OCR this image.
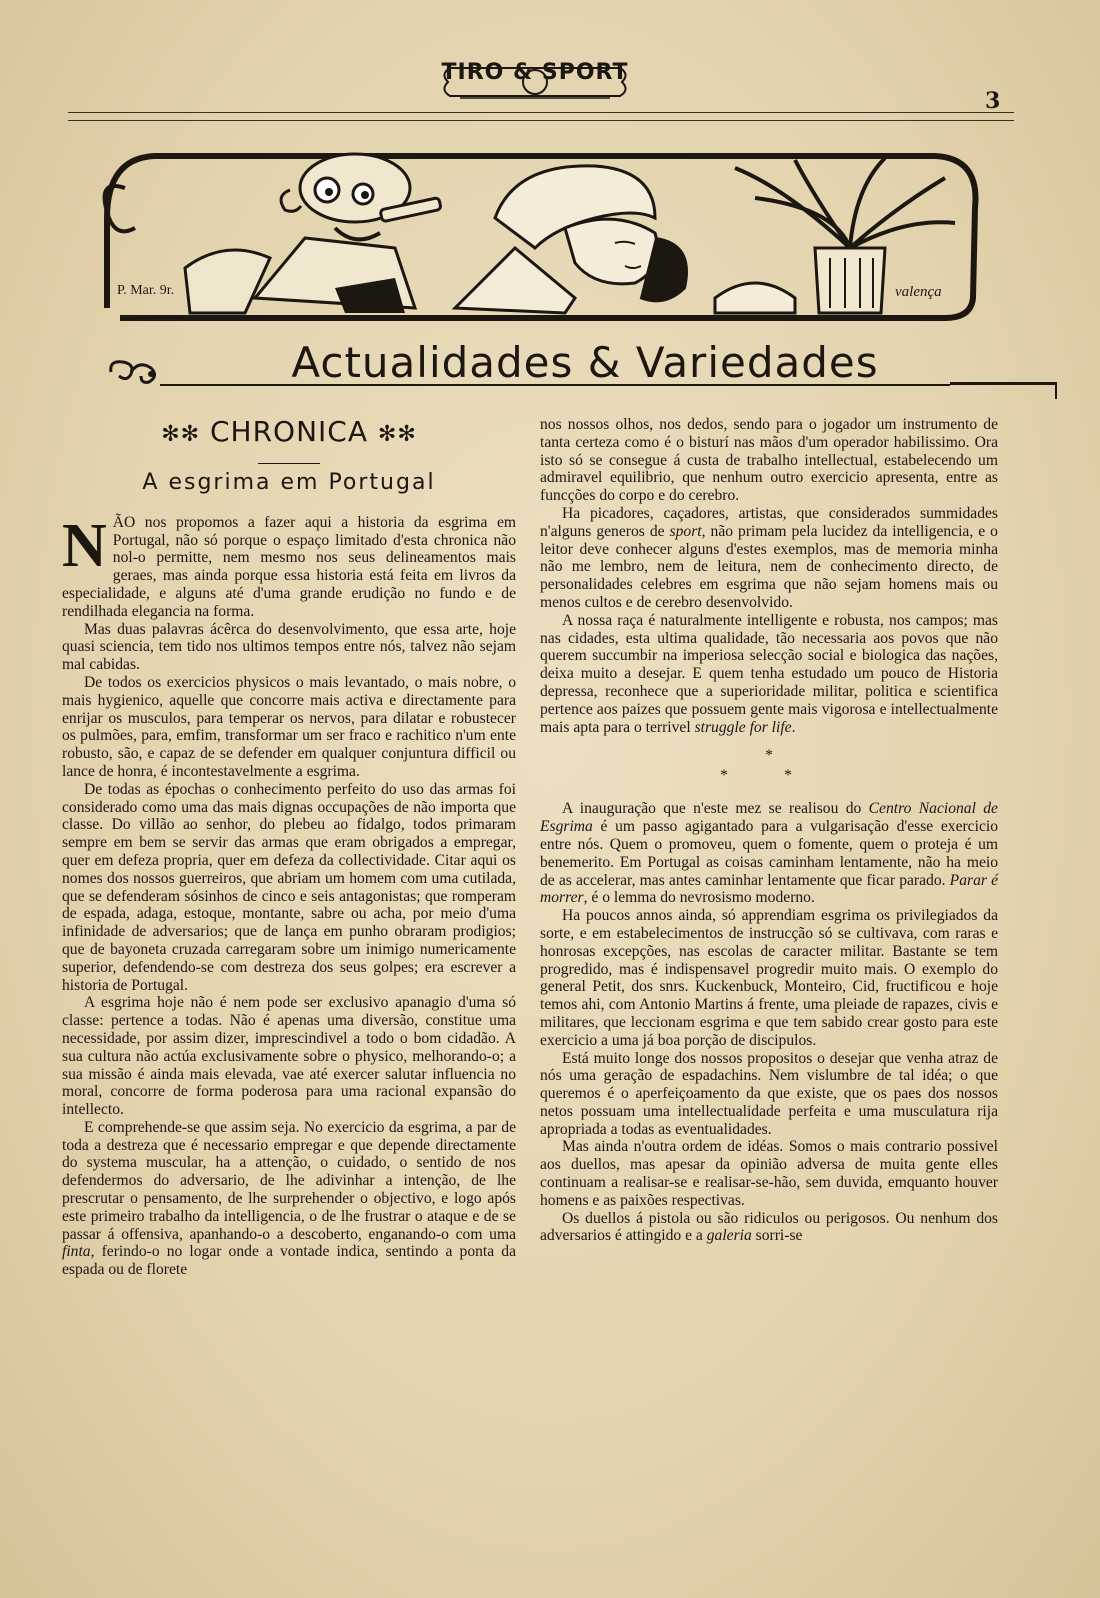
TIRO & SPORT
3
P. Mar. 9r.	valença
Actualidades & Variedades
✻✻ CHRONICA ✻✻
A esgrima em Portugal

NÃO nos propomos a fazer aqui a historia da esgrima em Portugal, não só porque o espaço limitado d'esta chronica não nol-o permitte, nem mesmo nos seus delineamentos mais geraes, mas ainda porque essa historia está feita em livros da especialidade, e alguns até d'uma grande erudição no fundo e de rendilhada elegancia na forma.

Mas duas palavras ácêrca do desenvolvimento, que essa arte, hoje quasi sciencia, tem tido nos ultimos tempos entre nós, talvez não sejam mal cabidas.

De todos os exercicios physicos o mais levantado, o mais nobre, o mais hygienico, aquelle que concorre mais activa e directamente para enrijar os musculos, para temperar os nervos, para dilatar e robustecer os pulmões, para, emfim, transformar um ser fraco e rachitico n'um ente robusto, são, e capaz de se defender em qualquer conjuntura difficil ou lance de honra, é incontestavelmente a esgrima.

De todas as épochas o conhecimento perfeito do uso das armas foi considerado como uma das mais dignas occupações de não importa que classe. Do villão ao senhor, do plebeu ao fidalgo, todos primaram sempre em bem se servir das armas que eram obrigados a empregar, quer em defeza propria, quer em defeza da collectividade. Citar aqui os nomes dos nossos guerreiros, que abriam um homem com uma cutilada, que se defenderam sósinhos de cinco e seis antagonistas; que romperam de espada, adaga, estoque, montante, sabre ou acha, por meio d'uma infinidade de adversarios; que de lança em punho obraram prodigios; que de bayoneta cruzada carregaram sobre um inimigo numericamente superior, defendendo-se com destreza dos seus golpes; era escrever a historia de Portugal.

A esgrima hoje não é nem pode ser exclusivo apanagio d'uma só classe: pertence a todas. Não é apenas uma diversão, constitue uma necessidade, por assim dizer, imprescindivel a todo o bom cidadão. A sua cultura não actúa exclusivamente sobre o physico, melhorando-o; a sua missão é ainda mais elevada, vae até exercer salutar influencia no moral, concorre de forma poderosa para uma racional expansão do intellecto.

E comprehende-se que assim seja. No exercicio da esgrima, a par de toda a destreza que é necessario empregar e que depende directamente do systema muscular, ha a attenção, o cuidado, o sentido de nos defendermos do adversario, de lhe adivinhar a intenção, de lhe prescrutar o pensamento, de lhe surprehender o objectivo, e logo após este primeiro trabalho da intelligencia, o de lhe frustrar o ataque e de se passar á offensiva, apanhando-o a descoberto, enganando-o com uma finta, ferindo-o no logar onde a vontade indica, sentindo a ponta da espada ou de florete

nos nossos olhos, nos dedos, sendo para o jogador um instrumento de tanta certeza como é o bisturí nas mãos d'um operador habilissimo. Ora isto só se consegue á custa de trabalho intellectual, estabelecendo um admiravel equilibrio, que nenhum outro exercicio apresenta, entre as funcções do corpo e do cerebro.

Ha picadores, caçadores, artistas, que considerados summidades n'alguns generos de sport, não primam pela lucidez da intelligencia, e o leitor deve conhecer alguns d'estes exemplos, mas de memoria minha não me lembro, nem de leitura, nem de conhecimento directo, de personalidades celebres em esgrima que não sejam homens mais ou menos cultos e de cerebro desenvolvido.

A nossa raça é naturalmente intelligente e robusta, nos campos; mas nas cidades, esta ultima qualidade, tão necessaria aos povos que não querem succumbir na imperiosa selecção social e biologica das nações, deixa muito a desejar. E quem tenha estudado um pouco de Historia depressa, reconhece que a superioridade militar, politica e scientifica pertence aos paizes que possuem gente mais vigorosa e intellectualmente mais apta para o terrivel struggle for life.

*
* *

A inauguração que n'este mez se realisou do Centro Nacional de Esgrima é um passo agigantado para a vulgarisação d'esse exercicio entre nós. Quem o promoveu, quem o fomente, quem o proteja é um benemerito. Em Portugal as coisas caminham lentamente, não ha meio de as accelerar, mas antes caminhar lentamente que ficar parado. Parar é morrer, é o lemma do nevrosismo moderno.

Ha poucos annos ainda, só apprendiam esgrima os privilegiados da sorte, e em estabelecimentos de instrucção só se cultivava, com raras e honrosas excepções, nas escolas de caracter militar. Bastante se tem progredido, mas é indispensavel progredir muito mais. O exemplo do general Petit, dos snrs. Kuckenbuck, Monteiro, Cid, fructificou e hoje temos ahi, com Antonio Martins á frente, uma pleiade de rapazes, civis e militares, que leccionam esgrima e que tem sabido crear gosto para este exercicio a uma já boa porção de discipulos.

Está muito longe dos nossos propositos o desejar que venha atraz de nós uma geração de espadachins. Nem vislumbre de tal idéa; o que queremos é o aperfeiçoamento da que existe, que os paes dos nossos netos possuam uma intellectualidade perfeita e uma musculatura rija apropriada a todas as eventualidades.

Mas ainda n'outra ordem de idéas. Somos o mais contrario possivel aos duellos, mas apesar da opinião adversa de muita gente elles continuam a realisar-se e realisar-se-hão, sem duvida, emquanto houver homens e as paixões respectivas.

Os duellos á pistola ou são ridiculos ou perigosos. Ou nenhum dos adversarios é attingido e a galeria sorri-se
